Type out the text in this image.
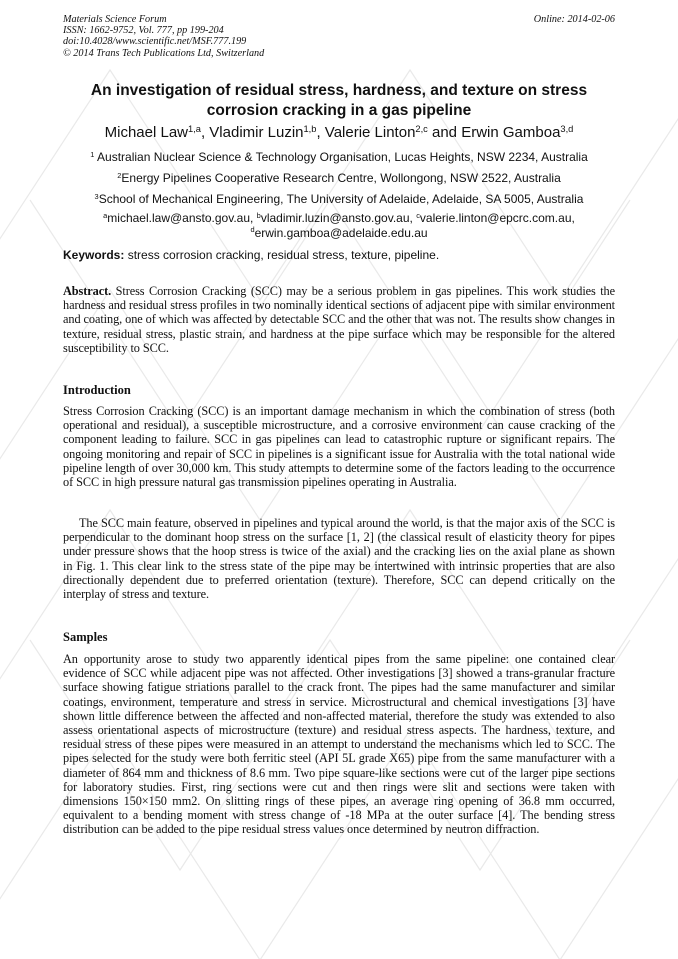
Materials Science Forum
ISSN: 1662-9752, Vol. 777, pp 199-204
doi:10.4028/www.scientific.net/MSF.777.199
© 2014 Trans Tech Publications Ltd, Switzerland
Online: 2014-02-06
An investigation of residual stress, hardness, and texture on stress
corrosion cracking in a gas pipeline
Michael Law$^{1,a}$, Vladimir Luzin$^{1,b}$, Valerie Linton$^{2,c}$ and Erwin Gamboa$^{3,d}$
$^1$ Australian Nuclear Science & Technology Organisation, Lucas Heights, NSW 2234, Australia
$^2$Energy Pipelines Cooperative Research Centre, Wollongong, NSW 2522, Australia
$^3$School of Mechanical Engineering, The University of Adelaide, Adelaide, SA 5005, Australia
$^a$michael.law@ansto.gov.au, $^b$vladimir.luzin@ansto.gov.au, $^c$valerie.linton@epcrc.com.au,
$^d$erwin.gamboa@adelaide.edu.au
Keywords: stress corrosion cracking, residual stress, texture, pipeline.
Abstract. Stress Corrosion Cracking (SCC) may be a serious problem in gas pipelines. This work studies the hardness and residual stress profiles in two nominally identical sections of adjacent pipe with similar environment and coating, one of which was affected by detectable SCC and the other that was not. The results show changes in texture, residual stress, plastic strain, and hardness at the pipe surface which may be responsible for the altered susceptibility to SCC.
Introduction
Stress Corrosion Cracking (SCC) is an important damage mechanism in which the combination of stress (both operational and residual), a susceptible microstructure, and a corrosive environment can cause cracking of the component leading to failure. SCC in gas pipelines can lead to catastrophic rupture or significant repairs. The ongoing monitoring and repair of SCC in pipelines is a significant issue for Australia with the total national wide pipeline length of over 30,000 km. This study attempts to determine some of the factors leading to the occurrence of SCC in high pressure natural gas transmission pipelines operating in Australia.
The SCC main feature, observed in pipelines and typical around the world, is that the major axis of the SCC is perpendicular to the dominant hoop stress on the surface [1, 2] (the classical result of elasticity theory for pipes under pressure shows that the hoop stress is twice of the axial) and the cracking lies on the axial plane as shown in Fig. 1. This clear link to the stress state of the pipe may be intertwined with intrinsic properties that are also directionally dependent due to preferred orientation (texture). Therefore, SCC can depend critically on the interplay of stress and texture.
Samples
An opportunity arose to study two apparently identical pipes from the same pipeline: one contained clear evidence of SCC while adjacent pipe was not affected. Other investigations [3] showed a trans-granular fracture surface showing fatigue striations parallel to the crack front. The pipes had the same manufacturer and similar coatings, environment, temperature and stress in service. Microstructural and chemical investigations [3] have shown little difference between the affected and non-affected material, therefore the study was extended to also assess orientational aspects of microstructure (texture) and residual stress aspects. The hardness, texture, and residual stress of these pipes were measured in an attempt to understand the mechanisms which led to SCC. The pipes selected for the study were both ferritic steel (API 5L grade X65) pipe from the same manufacturer with a diameter of 864 mm and thickness of 8.6 mm. Two pipe square-like sections were cut of the larger pipe sections for laboratory studies. First, ring sections were cut and then rings were slit and sections were taken with dimensions 150×150 mm2. On slitting rings of these pipes, an average ring opening of 36.8 mm occurred, equivalent to a bending moment with stress change of -18 MPa at the outer surface [4]. The bending stress distribution can be added to the pipe residual stress values once determined by neutron diffraction.
